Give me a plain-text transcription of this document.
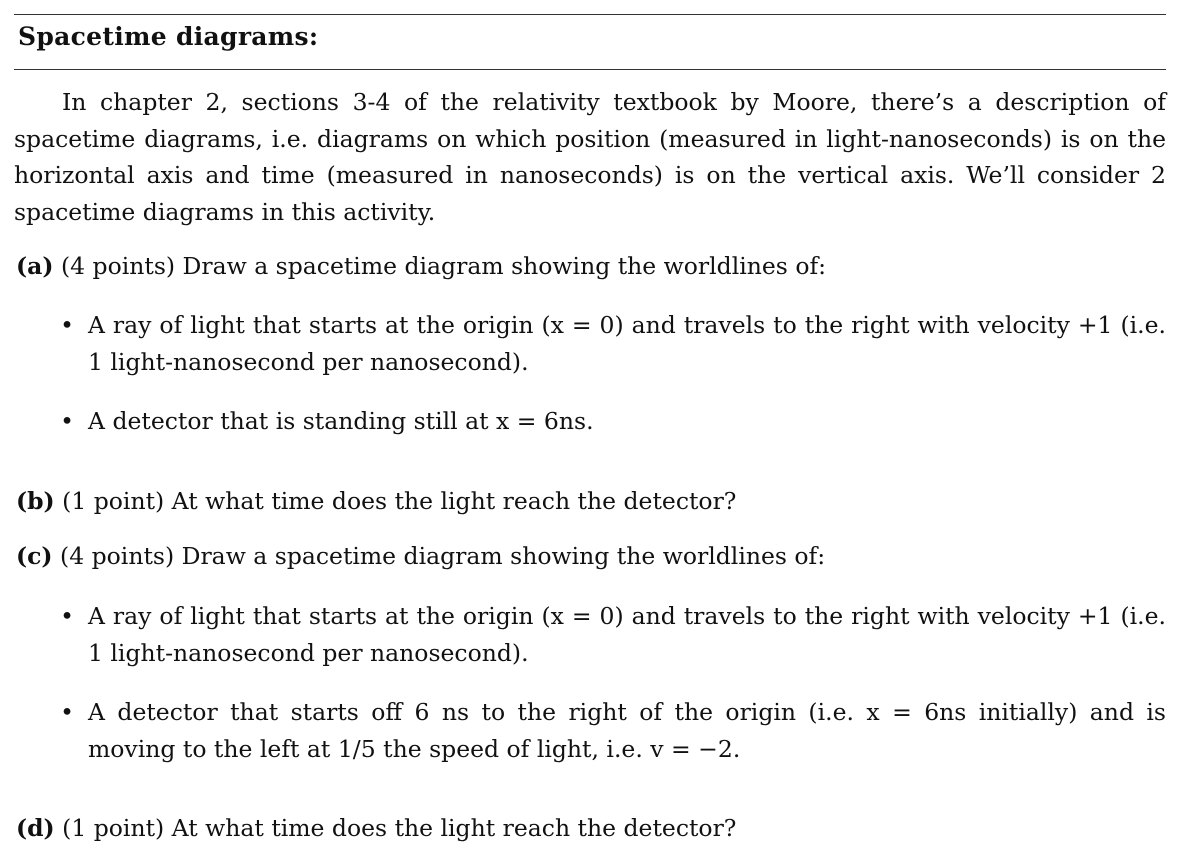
Spacetime diagrams:

In chapter 2, sections 3-4 of the relativity textbook by Moore, there’s a description of spacetime diagrams, i.e. diagrams on which position (measured in light-nanoseconds) is on the horizontal axis and time (measured in nanoseconds) is on the vertical axis. We’ll consider 2 spacetime diagrams in this activity.

(a) (4 points) Draw a spacetime diagram showing the worldlines of:
• A ray of light that starts at the origin (x = 0) and travels to the right with velocity +1 (i.e. 1 light-nanosecond per nanosecond).
• A detector that is standing still at x = 6ns.
(b) (1 point) At what time does the light reach the detector?
(c) (4 points) Draw a spacetime diagram showing the worldlines of:
• A ray of light that starts at the origin (x = 0) and travels to the right with velocity +1 (i.e. 1 light-nanosecond per nanosecond).
• A detector that starts off 6 ns to the right of the origin (i.e. x = 6ns initially) and is moving to the left at 1/5 the speed of light, i.e. v = −2.
(d) (1 point) At what time does the light reach the detector?
